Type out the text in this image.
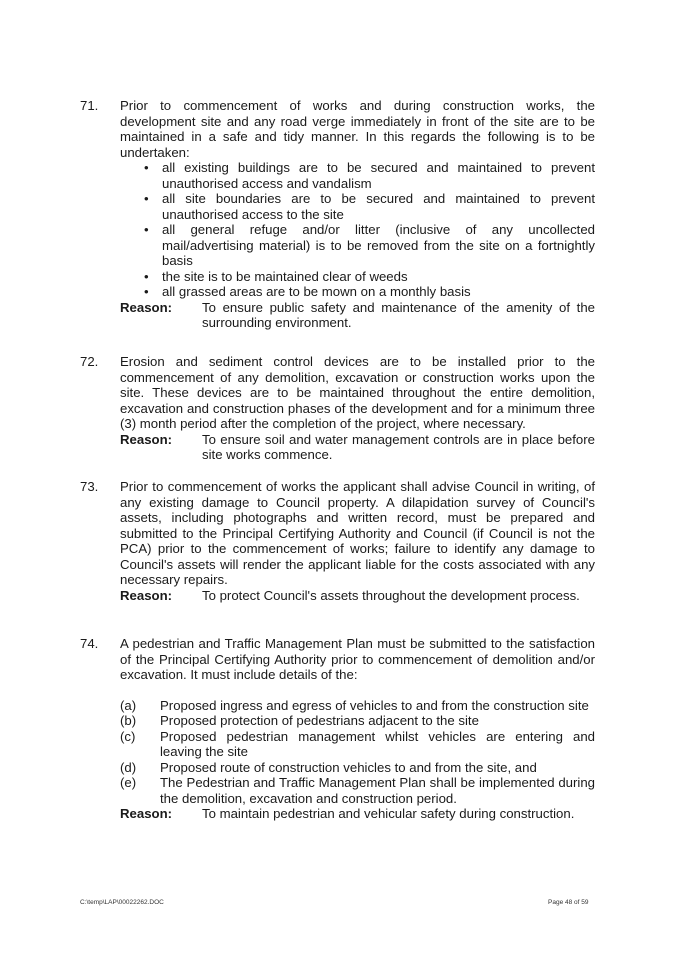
71. Prior to commencement of works and during construction works, the development site and any road verge immediately in front of the site are to be maintained in a safe and tidy manner. In this regards the following is to be undertaken:

• all existing buildings are to be secured and maintained to prevent unauthorised access and vandalism
• all site boundaries are to be secured and maintained to prevent unauthorised access to the site
• all general refuge and/or litter (inclusive of any uncollected mail/advertising material) is to be removed from the site on a fortnightly basis
• the site is to be maintained clear of weeds
• all grassed areas are to be mown on a monthly basis
Reason:	To ensure public safety and maintenance of the amenity of the surrounding environment.
72. Erosion and sediment control devices are to be installed prior to the commencement of any demolition, excavation or construction works upon the site. These devices are to be maintained throughout the entire demolition, excavation and construction phases of the development and for a minimum three (3) month period after the completion of the project, where necessary.

Reason:	To ensure soil and water management controls are in place before site works commence.
73. Prior to commencement of works the applicant shall advise Council in writing, of any existing damage to Council property. A dilapidation survey of Council's assets, including photographs and written record, must be prepared and submitted to the Principal Certifying Authority and Council (if Council is not the PCA) prior to the commencement of works; failure to identify any damage to Council's assets will render the applicant liable for the costs associated with any necessary repairs.

Reason:	To protect Council's assets throughout the development process.
74. A pedestrian and Traffic Management Plan must be submitted to the satisfaction of the Principal Certifying Authority prior to commencement of demolition and/or excavation. It must include details of the:

(a) Proposed ingress and egress of vehicles to and from the construction site
(b) Proposed protection of pedestrians adjacent to the site
(c) Proposed pedestrian management whilst vehicles are entering and leaving the site
(d) Proposed route of construction vehicles to and from the site, and
(e) The Pedestrian and Traffic Management Plan shall be implemented during the demolition, excavation and construction period.
Reason:	To maintain pedestrian and vehicular safety during construction.
C:\temp\LAP\00022262.DOC	Page 48 of 59
